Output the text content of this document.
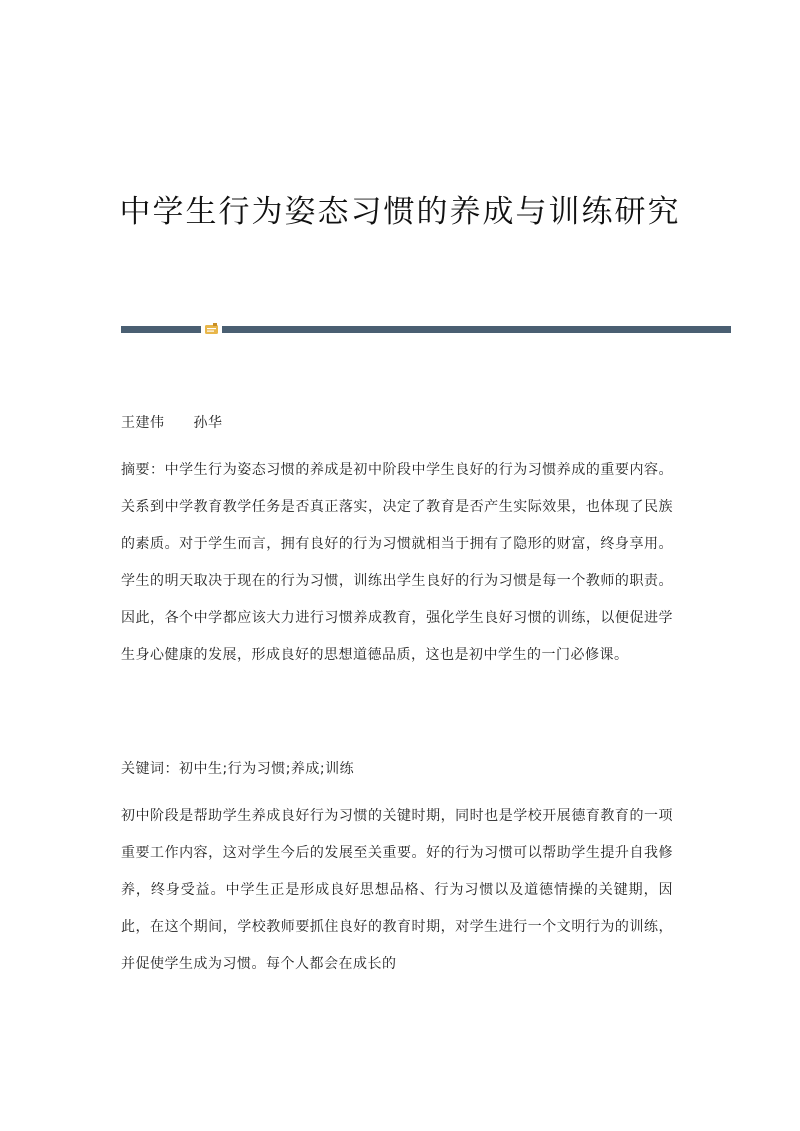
中学生行为姿态习惯的养成与训练研究

王建伟　　孙华

摘要：中学生行为姿态习惯的养成是初中阶段中学生良好的行为习惯养成的重要内容。关系到中学教育教学任务是否真正落实，决定了教育是否产生实际效果，也体现了民族的素质。对于学生而言，拥有良好的行为习惯就相当于拥有了隐形的财富，终身享用。学生的明天取决于现在的行为习惯，训练出学生良好的行为习惯是每一个教师的职责。因此，各个中学都应该大力进行习惯养成教育，强化学生良好习惯的训练，以便促进学生身心健康的发展，形成良好的思想道德品质，这也是初中学生的一门必修课。

关键词：初中生;行为习惯;养成;训练

初中阶段是帮助学生养成良好行为习惯的关键时期，同时也是学校开展德育教育的一项重要工作内容，这对学生今后的发展至关重要。好的行为习惯可以帮助学生提升自我修养，终身受益。中学生正是形成良好思想品格、行为习惯以及道德情操的关键期，因此，在这个期间，学校教师要抓住良好的教育时期，对学生进行一个文明行为的训练，并促使学生成为习惯。每个人都会在成长的
